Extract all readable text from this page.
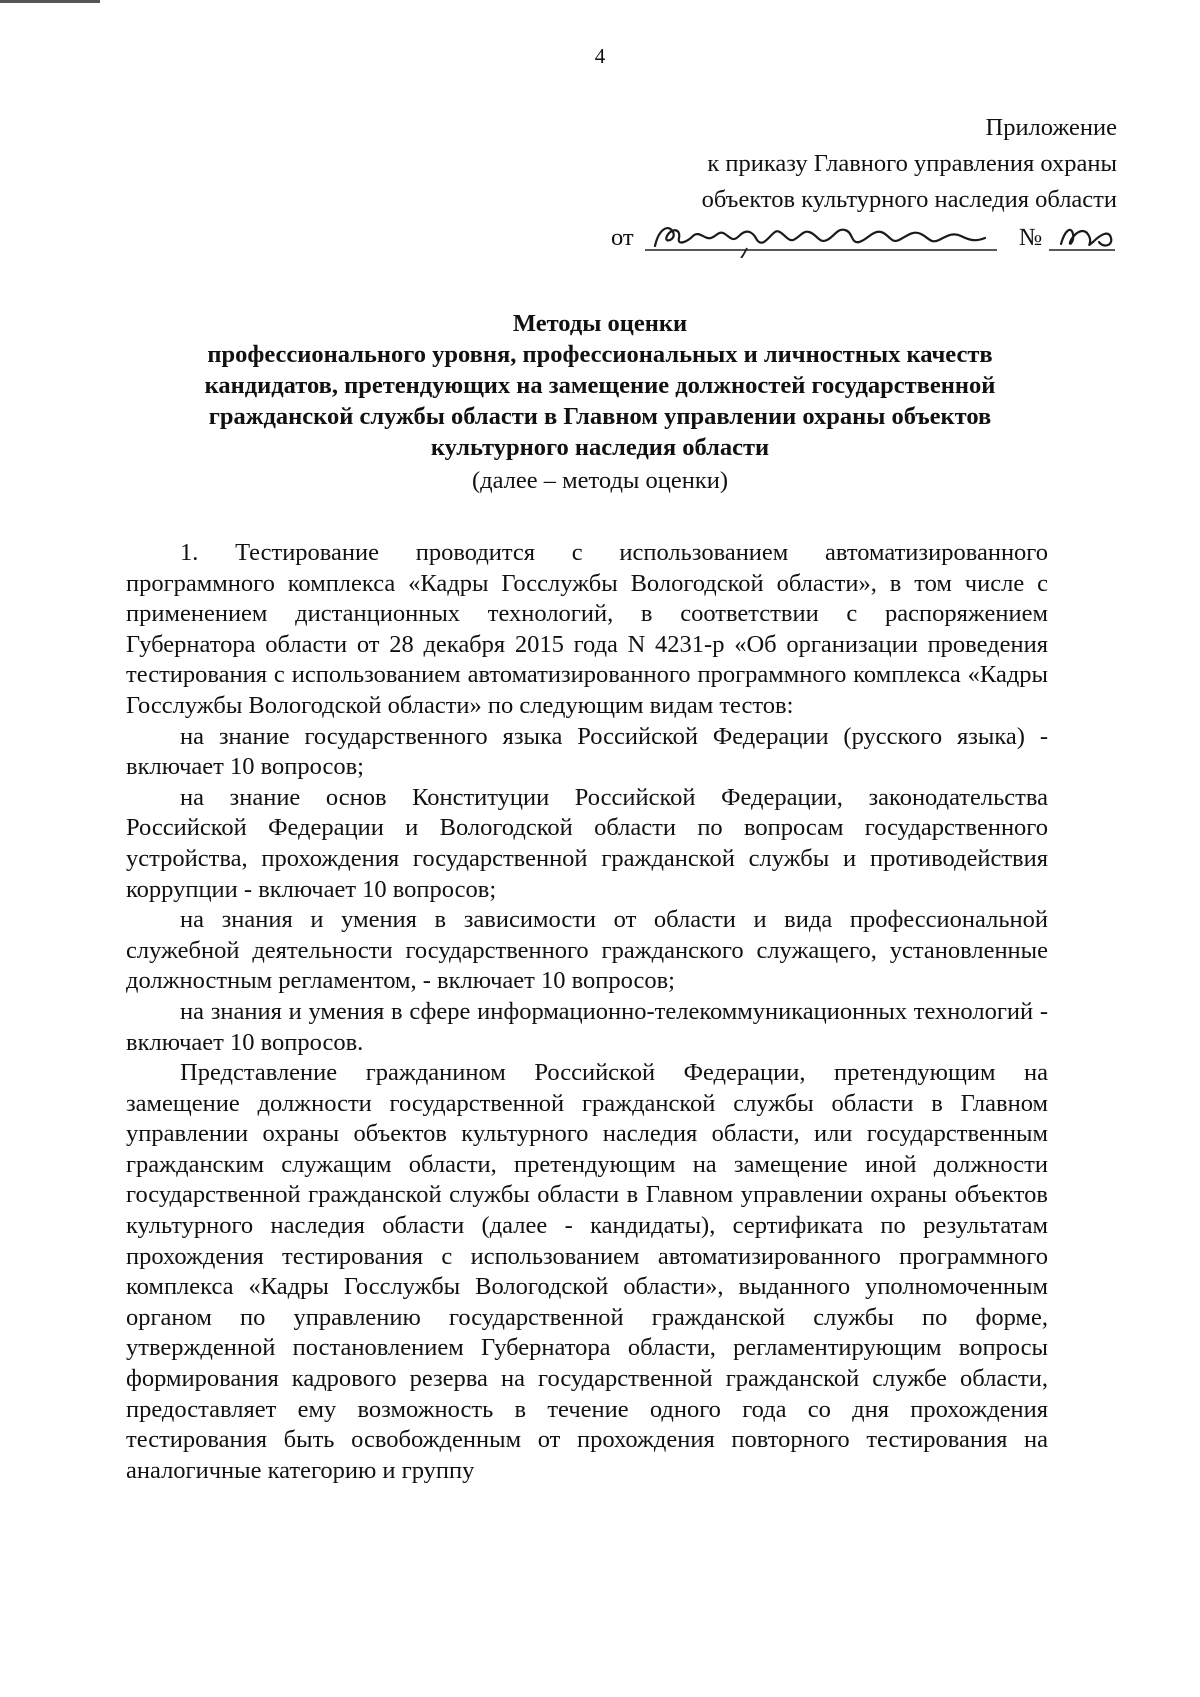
4
Приложение
к приказу Главного управления охраны
объектов культурного наследия области
от	№
Методы оценки
профессионального уровня, профессиональных и личностных качеств
кандидатов, претендующих на замещение должностей государственной
гражданской службы области в Главном управлении охраны объектов
культурного наследия области
(далее – методы оценки)

1. Тестирование проводится с использованием автоматизированного программного комплекса «Кадры Госслужбы Вологодской области», в том числе с применением дистанционных технологий, в соответствии с распоряжением Губернатора области от 28 декабря 2015 года N 4231-р «Об организации проведения тестирования с использованием автоматизированного программного комплекса «Кадры Госслужбы Вологодской области» по следующим видам тестов:

на знание государственного языка Российской Федерации (русского языка) - включает 10 вопросов;

на знание основ Конституции Российской Федерации, законодательства Российской Федерации и Вологодской области по вопросам государственного устройства, прохождения государственной гражданской службы и противодействия коррупции - включает 10 вопросов;

на знания и умения в зависимости от области и вида профессиональной служебной деятельности государственного гражданского служащего, установленные должностным регламентом, - включает 10 вопросов;

на знания и умения в сфере информационно-телекоммуникационных технологий - включает 10 вопросов.

Представление гражданином Российской Федерации, претендующим на замещение должности государственной гражданской службы области в Главном управлении охраны объектов культурного наследия области, или государственным гражданским служащим области, претендующим на замещение иной должности государственной гражданской службы области в Главном управлении охраны объектов культурного наследия области (далее - кандидаты), сертификата по результатам прохождения тестирования с использованием автоматизированного программного комплекса «Кадры Госслужбы Вологодской области», выданного уполномоченным органом по управлению государственной гражданской службы по форме, утвержденной постановлением Губернатора области, регламентирующим вопросы формирования кадрового резерва на государственной гражданской службе области, предоставляет ему возможность в течение одного года со дня прохождения тестирования быть освобожденным от прохождения повторного тестирования на аналогичные категорию и группу
